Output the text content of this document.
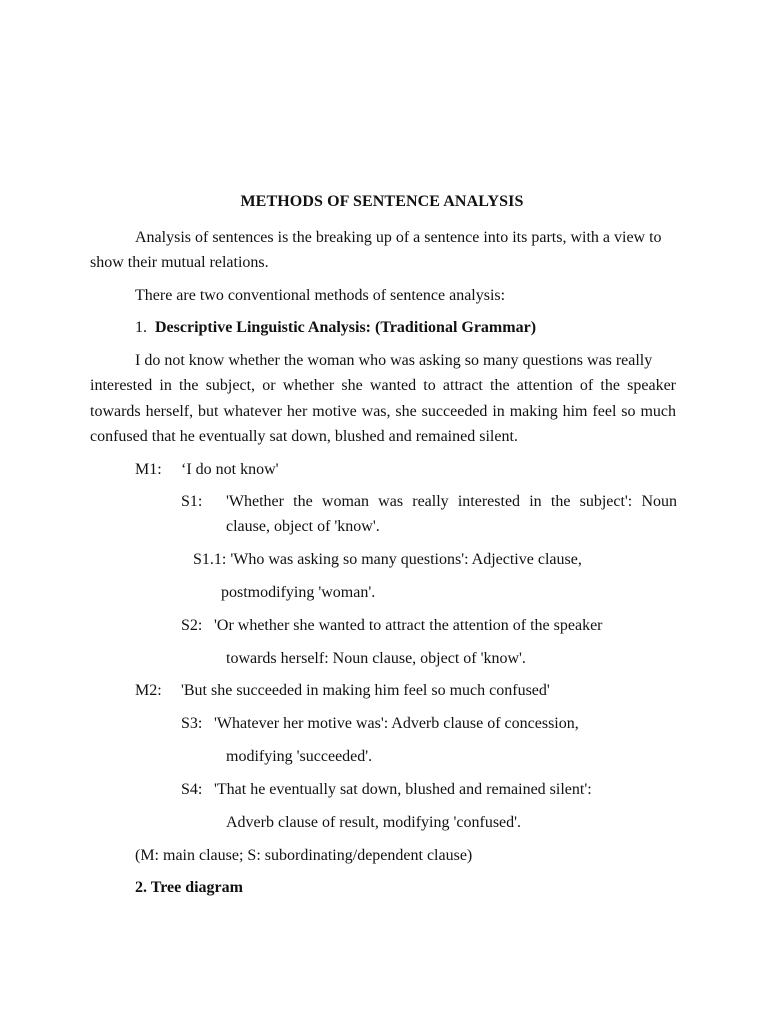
METHODS OF SENTENCE ANALYSIS
Analysis of sentences is the breaking up of a sentence into its parts, with a view to
show their mutual relations.
There are two conventional methods of sentence analysis:
1. Descriptive Linguistic Analysis: (Traditional Grammar)
I do not know whether the woman who was asking so many questions was really
interested in the subject, or whether she wanted to attract the attention of the speaker
towards herself, but whatever her motive was, she succeeded in making him feel so much
confused that he eventually sat down, blushed and remained silent.
M1: ‘I do not know'
S1: 'Whether the woman was really interested in the subject': Noun
clause, object of 'know'.
S1.1: 'Who was asking so many questions': Adjective clause,
postmodifying 'woman'.
S2: 'Or whether she wanted to attract the attention of the speaker
towards herself: Noun clause, object of 'know'.
M2: 'But she succeeded in making him feel so much confused'
S3: 'Whatever her motive was': Adverb clause of concession,
modifying 'succeeded'.
S4: 'That he eventually sat down, blushed and remained silent':
Adverb clause of result, modifying 'confused'.
(M: main clause; S: subordinating/dependent clause)
2. Tree diagram
